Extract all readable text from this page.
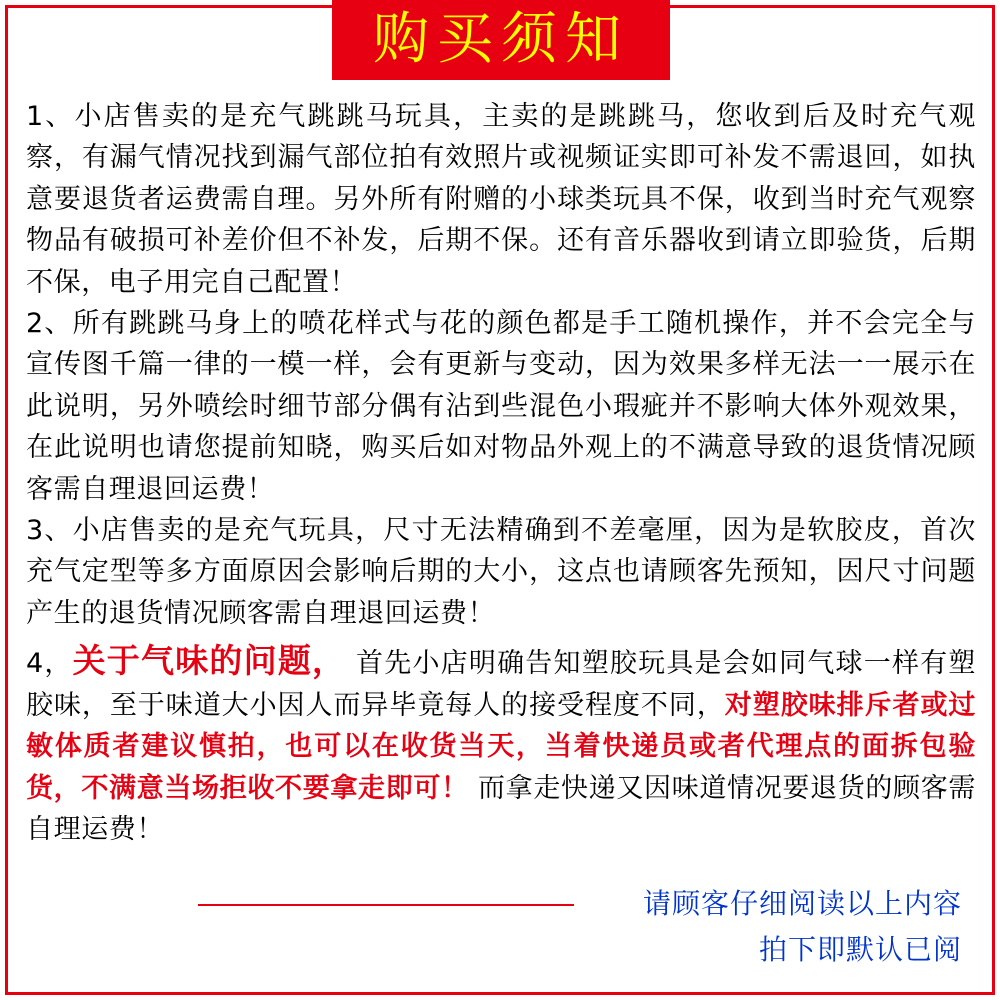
购买须知

1、小店售卖的是充气跳跳马玩具，主卖的是跳跳马，您收到后及时充气观察，有漏气情况找到漏气部位拍有效照片或视频证实即可补发不需退回，如执意要退货者运费需自理。另外所有附赠的小球类玩具不保，收到当时充气观察物品有破损可补差价但不补发，后期不保。还有音乐器收到请立即验货，后期不保，电子用完自己配置！

2、所有跳跳马身上的喷花样式与花的颜色都是手工随机操作，并不会完全与宣传图千篇一律的一模一样，会有更新与变动，因为效果多样无法一一展示在此说明，另外喷绘时细节部分偶有沾到些混色小瑕疵并不影响大体外观效果，在此说明也请您提前知晓，购买后如对物品外观上的不满意导致的退货情况顾客需自理退回运费！

3、小店售卖的是充气玩具，尺寸无法精确到不差毫厘，因为是软胶皮，首次充气定型等多方面原因会影响后期的大小，这点也请顾客先预知，因尺寸问题产生的退货情况顾客需自理退回运费！

4，关于气味的问题， 首先小店明确告知塑胶玩具是会如同气球一样有塑胶味，至于味道大小因人而异毕竟每人的接受程度不同，对塑胶味排斥者或过敏体质者建议慎拍，也可以在收货当天，当着快递员或者代理点的面拆包验货，不满意当场拒收不要拿走即可！ 而拿走快递又因味道情况要退货的顾客需自理运费！

请顾客仔细阅读以上内容
拍下即默认已阅
